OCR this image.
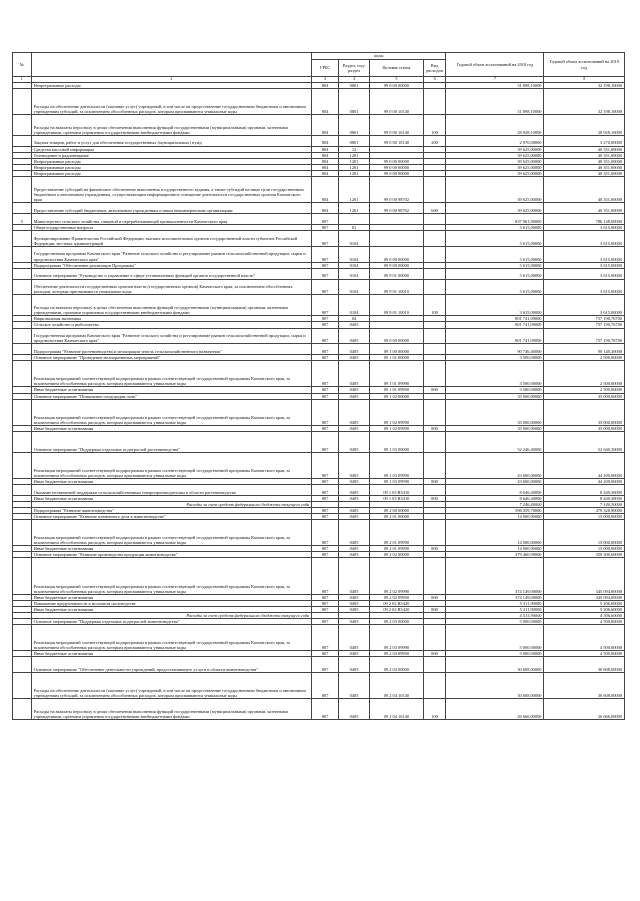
№		коды				Годовой объем ассигнований на 2018 год	Годовой объем ассигнований на 2019 год
		ГРБС	Раздел, под-раздел	Целевая статья	Вид расходов		
1	2	3	4	5	6	7	8
	Непрограммные расходы	804	0801	99 0 00 00000		31 898,10000	32 198,10000
	Расходы на обеспечение деятельности (оказание услуг) учреждений, в том числе на предоставление государственным бюджетным и автономным учреждениям субсидий, за исключением обособленных расходов, которым присваиваются уникальные коды	804	0801	99 0 00 10140		31 898,10000	32 198,10000
	Расходы на выплаты персоналу в целях обеспечения выполнения функций государственными (муниципальными) органами, казенными учреждениями, органами управления государственными внебюджетными фондами	804	0801	99 0 00 10140	100	28 928,10000	28 928,10000
	Закупка товаров, работ и услуг для обеспечения государственных (муниципальных) нужд	804	0801	99 0 00 10140	200	2 970,00000	3 270,00000
	Средства массовой информации	804	12			39 625,00000	40 351,00000
	Телевидение и радиовещание	804	1201			39 625,00000	40 351,00000
	Непрограммные расходы	804	1201	99 0 00 00000		39 625,00000	40 351,00000
	Непрограммные расходы	804	1201	99 0 00 00000		39 625,00000	40 351,00000
	Непрограммные расходы	804	1201	99 0 00 00000		39 625,00000	40 351,00000
	Предоставление субсидий на финансовое обеспечение выполнения государственного задания, а также субсидий на иные цели государственным бюджетным и автономным учреждениям, осуществляющим информационное освещение деятельности государственных органов Камчатского края	804	1201	99 0 00 98702		39 625,00000	40 351,00000
	Предоставление субсидий бюджетным, автономным учреждениям и иным некоммерческим организациям	804	1201	99 0 00 98702	600	39 625,00000	40 351,00000
5	Министерство сельского хозяйства, пищевой и перерабатывающей промышленности Камчатского края	807				837 961,90000	786 148,00000
	Общегосударственные вопросы	807	01			3 615,00000	3 615,00000
	Функционирование Правительства Российской Федерации, высших исполнительных органов государственной власти субъектов Российской Федерации, местных администраций	807	0104			3 615,00000	3 615,00000
	Государственная программа Камчатского края "Развитие сельского хозяйства и регулирование рынков сельскохозяйственной продукции, сырья и продовольствия Камчатского края"	807	0104	09 0 00 00000		3 615,00000	3 615,00000
	Подпрограмма "Обеспечение реализации Программы"	807	0104	09 9 00 00000		3 615,00000	3 615,00000
	Основное мероприятие "Руководство и управление в сфере установленных функций органов государственной власти"	807	0104	09 9 01 00000		3 615,00000	3 615,00000
	Обеспечение деятельности государственных органов власти (государственных органов) Камчатского края, за исключением обособленных расходов, которым присваиваются уникальные коды	807	0104	09 9 01 10010		3 615,00000	3 615,00000
	Расходы на выплаты персоналу в целях обеспечения выполнения функций государственными (муниципальными) органами, казенными учреждениями, органами управления государственными внебюджетными фондами	807	0104	09 9 01 10010	100	3 615,00000	3 615,00000
	Национальная экономика	807	04			801 741,09000	757 190,76700
	Сельское хозяйство и рыболовство	807	0405			801 741,09000	757 190,76700
	Государственная программа Камчатского края "Развитие сельского хозяйства и регулирование рынков сельскохозяйственной продукции, сырья и продовольствия Камчатского края"	807	0405	09 0 00 00000		801 741,09000	757 190,76700
	Подпрограмма "Развитие растениеводства и мелиорации земель сельскохозяйственного назначения"	807	0405	09 1 00 00000		90 746,40000	90 140,30000
	Основное мероприятие "Проведение мелиоративных мероприятий"	807	0405	09 1 01 00000		3 500,00000	2 500,00000
	Реализация мероприятий соответствующей подпрограммы в рамках соответствующей государственной программы Камчатского края, за исключением обособленных расходов, которым присваиваются уникальные коды	807	0405	09 1 01 09990		3 500,00000	2 500,00000
	Иные бюджетные ассигнования	807	0405	09 1 01 09990	800	3 500,00000	2 500,00000
	Основное мероприятие "Повышение плодородия почв"	807	0405	09 1 02 00000		35 000,00000	35 000,00000
	Реализация мероприятий соответствующей подпрограммы в рамках соответствующей государственной программы Камчатского края, за исключением обособленных расходов, которым присваиваются уникальные коды	807	0405	09 1 02 09990		35 000,00000	35 000,00000
	Иные бюджетные ассигнования	807	0405	09 1 02 09990	800	35 000,00000	35 000,00000
	Основное мероприятие "Поддержка отдельных подотраслей растениеводства"	807	0405	09 1 03 00000		52 246,40000	52 640,30000
	Реализация мероприятий соответствующей подпрограммы в рамках соответствующей государственной программы Камчатского края, за исключением обособленных расходов, которым присваиваются уникальные коды	807	0405	09 1 03 09990		43 600,00000	44 200,00000
	Иные бюджетные ассигнования	807	0405	09 1 03 09990	800	43 600,00000	44 200,00000
	Оказание несвязанной поддержки сельскохозяйственным товаропроизводителям в области растениеводства	807	0405	09 1 03 R5410		8 646,40000	8 440,30000
	Иные бюджетные ассигнования	807	0405	09 1 03 R5410	800	8 646,40000	8 440,30000
	Расходы за счет средств федерального бюджета текущего года					7 246,40000	7 140,30000
	Подпрограмма "Развитие животноводства"	807	0405	09 2 00 00000		596 359,70000	479 328,90000
	Основное мероприятие "Развитие племенного дела в животноводстве"	807	0405	09 2 01 00000		14 000,00000	15 000,00000
	Реализация мероприятий соответствующей подпрограммы в рамках соответствующей государственной программы Камчатского края, за исключением обособленных расходов, которым присваиваются уникальные коды	807	0405	09 2 01 09990		14 000,00000	15 000,00000
	Иные бюджетные ассигнования	807	0405	09 2 01 09990	800	14 000,00000	15 000,00000
	Основное мероприятие "Развитие производства продукции животноводства"	807	0405	09 2 02 00000		379 460,90000	350 300,60000
	Реализация мероприятий соответствующей подпрограммы в рамках соответствующей государственной программы Камчатского края, за исключением обособленных расходов, которым присваиваются уникальные коды	807	0405	09 2 02 09990		374 149,00000	345 094,00000
	Иные бюджетные ассигнования	807	0405	09 2 02 09990	800	374 149,00000	345 094,00000
	Повышение продуктивности в молочном скотоводстве	807	0405	09 2 02 R5420		5 311,90000	5 206,60000
	Иные бюджетные ассигнования	807	0405	09 2 02 R5420	800	5 311,90000	5 206,60000
	Расходы за счет средств федерального бюджета текущего года					4 515,90000	4 306,60000
	Основное мероприятие "Поддержка отдельных подотраслей животноводства"	807	0405	09 2 03 00000		5 000,00000	4 500,00000
	Реализация мероприятий соответствующей подпрограммы в рамках соответствующей государственной программы Камчатского края, за исключением обособленных расходов, которым присваиваются уникальные коды	807	0405	09 2 03 09990		5 000,00000	4 500,00000
	Иные бюджетные ассигнования	807	0405	09 2 03 09990	800	5 000,00000	4 500,00000
	Основное мероприятие "Обеспечение деятельности учреждений, предоставляющего услуги в области животноводства"	807	0405	09 2 04 00000		30 608,00000	30 608,00000
	Расходы на обеспечение деятельности (оказание услуг) учреждений, в том числе на предоставление государственным бюджетным и автономным учреждениям субсидий, за исключением обособленных расходов, которым присваиваются уникальные коды	807	0405	09 2 04 10140		30 608,00000	30 608,00000
	Расходы на выплаты персоналу в целях обеспечения выполнения функций государственными (муниципальными) органами, казенными учреждениями, органами управления государственными внебюджетными фондами	807	0405	09 2 04 10140	100	26 666,00000	26 666,00000
